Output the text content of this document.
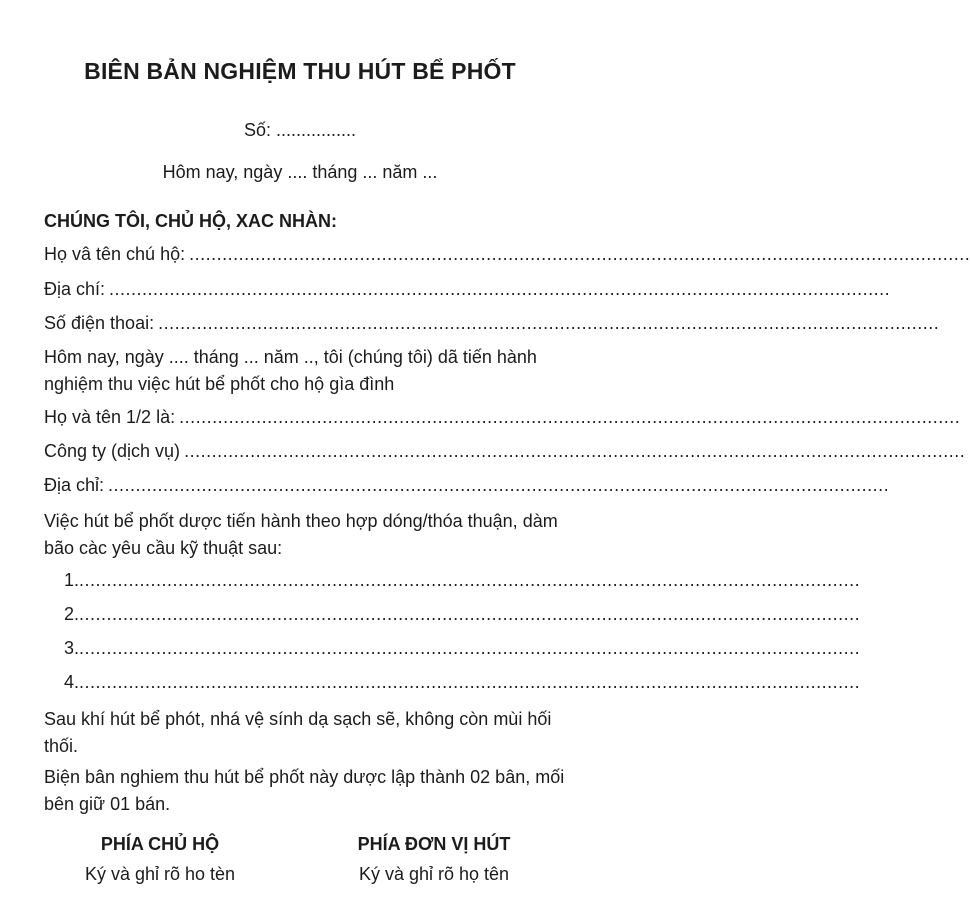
BIÊN BẢN NGHIỆM THU HÚT BỂ PHỐT
Số: ................
Hôm nay, ngày .... tháng ... năm ...
CHÚNG TÔI, CHỦ HỘ, XAC NHÀN:
Họ vâ tên chú hộ: ..............................................................................................................................................
Địa chí: ..............................................................................................................................................
Số điện thoai: ..............................................................................................................................................
Hôm nay, ngày .... tháng ... năm .., tôi (chúng tôi) dã tiến hành nghiệm thu việc hút bể phốt cho hộ gìa đình
Họ và tên 1/2 là: ..............................................................................................................................................
Công ty (dịch vụ) ..............................................................................................................................................
Địa chỉ: ..............................................................................................................................................
Việc hút bể phốt dược tiến hành theo hợp dóng/thóa thuận, dàm bão càc yêu cầu kỹ thuật sau:
1. ..............................................................................................................................................
2. ..............................................................................................................................................
3. ..............................................................................................................................................
4. ..............................................................................................................................................
Sau khí hút bể phót, nhá vệ sính dạ sạch sẽ, không còn mùi hối thối.
Biện bân nghiem thu hút bể phốt này dược lập thành 02 bân, mối bên giữ 01 bán.
PHÍA CHỦ HỘ
Ký và ghỉ rõ ho tèn
PHÍA ĐƠN VỊ HÚT
Ký và ghỉ rõ họ tên
